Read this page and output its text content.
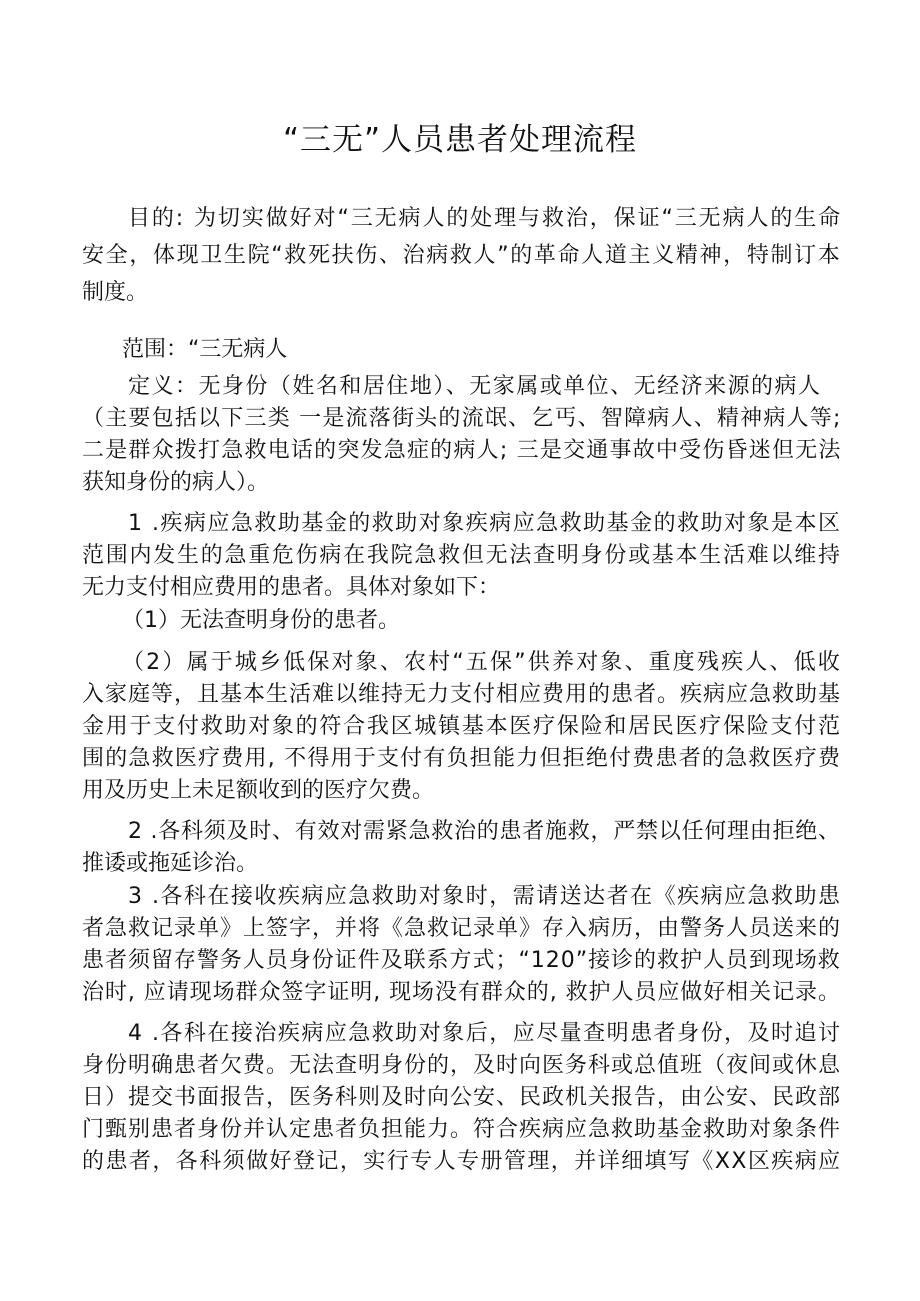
“三无”人员患者处理流程

目的: 为切实做好对“三无病人的处理与救治，保证“三无病人的生命

安全，体现卫生院“救死扶伤、治病救人”的革命人道主义精神，特制订本

制度。

范围：“三无病人

定义：无身份（姓名和居住地）、无家属或单位、无经济来源的病人

（主要包括以下三类 一是流落街头的流氓、乞丐、智障病人、精神病人等;

二是群众拨打急救电话的突发急症的病人; 三是交通事故中受伤昏迷但无法

获知身份的病人）。

1 .疾病应急救助基金的救助对象疾病应急救助基金的救助对象是本区

范围内发生的急重危伤病在我院急救但无法查明身份或基本生活难以维持

无力支付相应费用的患者。具体对象如下：

（1）无法查明身份的患者。

（2）属于城乡低保对象、农村“五保”供养对象、重度残疾人、低收

入家庭等，且基本生活难以维持无力支付相应费用的患者。疾病应急救助基

金用于支付救助对象的符合我区城镇基本医疗保险和居民医疗保险支付范

围的急救医疗费用, 不得用于支付有负担能力但拒绝付费患者的急救医疗费

用及历史上未足额收到的医疗欠费。

2 .各科须及时、有效对需紧急救治的患者施救，严禁以任何理由拒绝、

推诿或拖延诊治。

3 .各科在接收疾病应急救助对象时，需请送达者在《疾病应急救助患

者急救记录单》上签字，并将《急救记录单》存入病历，由警务人员送来的

患者须留存警务人员身份证件及联系方式；“120”接诊的救护人员到现场救

治时, 应请现场群众签字证明, 现场没有群众的, 救护人员应做好相关记录。

4 .各科在接治疾病应急救助对象后，应尽量查明患者身份，及时追讨

身份明确患者欠费。无法查明身份的，及时向医务科或总值班（夜间或休息

日）提交书面报告，医务科则及时向公安、民政机关报告，由公安、民政部

门甄别患者身份并认定患者负担能力。符合疾病应急救助基金救助对象条件

的患者，各科须做好登记，实行专人专册管理，并详细填写《XX区疾病应
